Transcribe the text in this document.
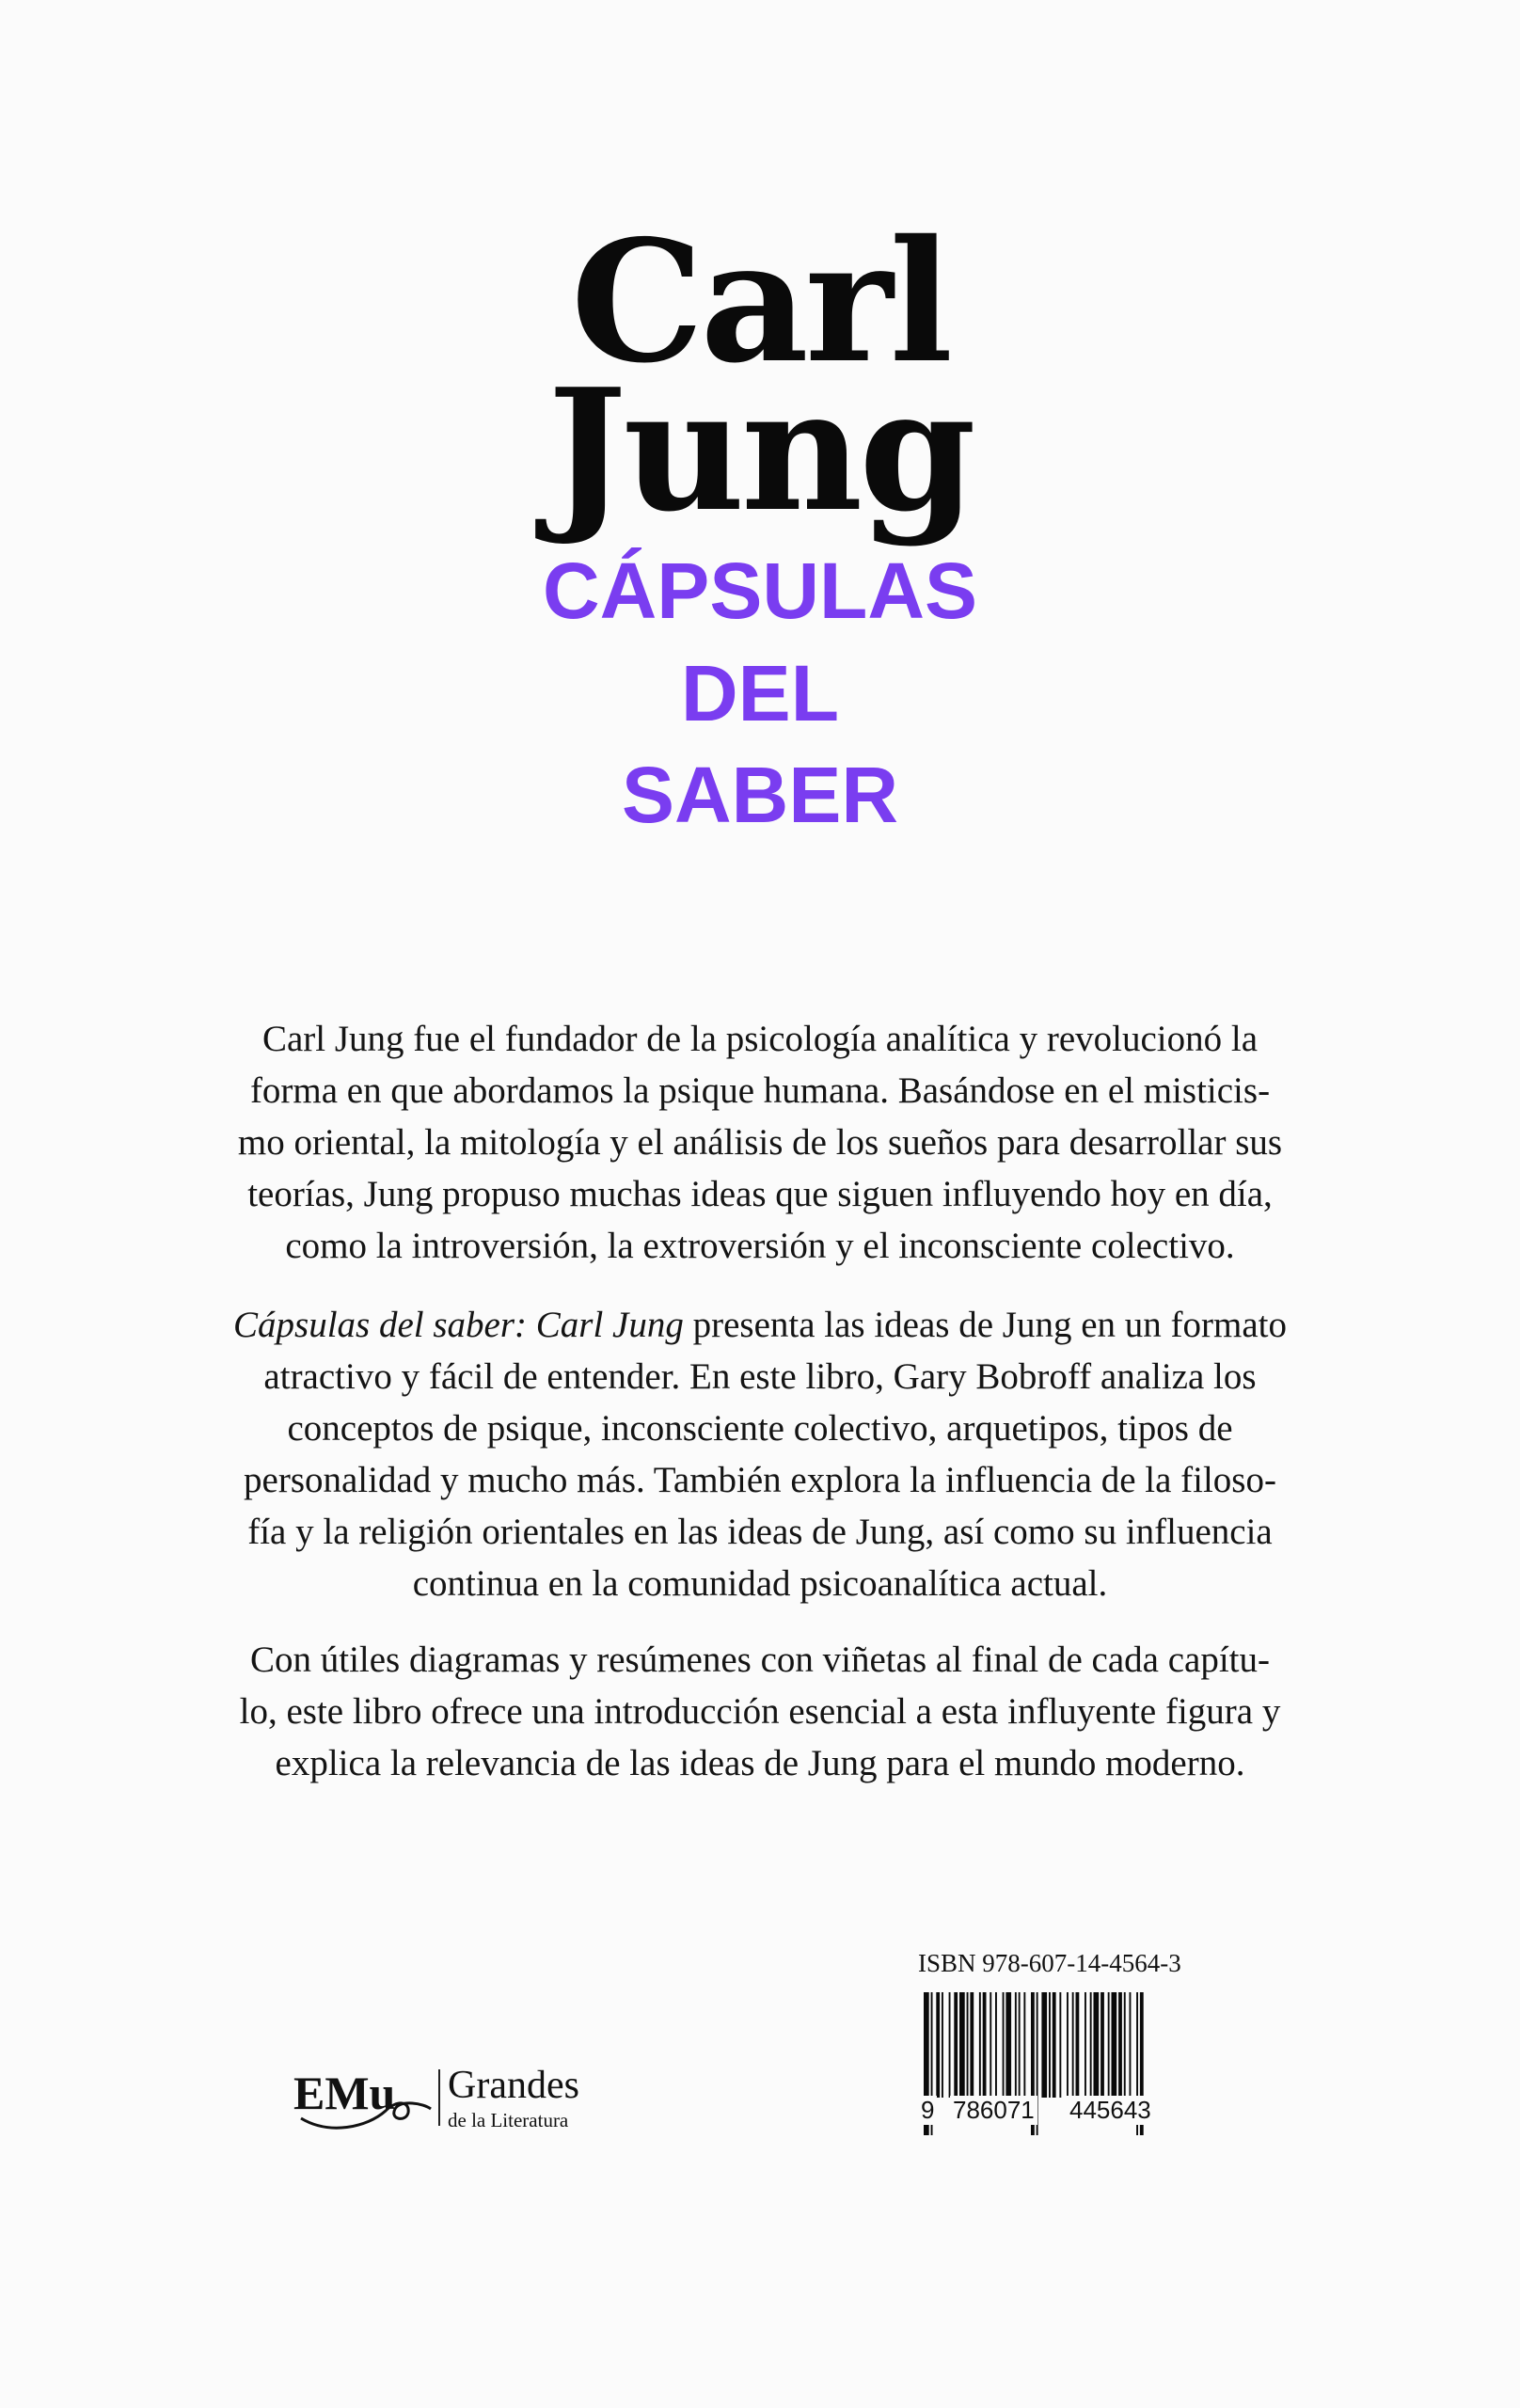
Carl
Jung
CÁPSULAS
DEL
SABER
Carl Jung fue el fundador de la psicología analítica y revolucionó la
forma en que abordamos la psique humana. Basándose en el misticis-
mo oriental, la mitología y el análisis de los sueños para desarrollar sus
teorías, Jung propuso muchas ideas que siguen influyendo hoy en día,
como la introversión, la extroversión y el inconsciente colectivo.
Cápsulas del saber: Carl Jung presenta las ideas de Jung en un formato
atractivo y fácil de entender. En este libro, Gary Bobroff analiza los
conceptos de psique, inconsciente colectivo, arquetipos, tipos de
personalidad y mucho más. También explora la influencia de la filoso-
fía y la religión orientales en las ideas de Jung, así como su influencia
continua en la comunidad psicoanalítica actual.
Con útiles diagramas y resúmenes con viñetas al final de cada capítu-
lo, este libro ofrece una introducción esencial a esta influyente figura y
explica la relevancia de las ideas de Jung para el mundo moderno.
EMu Grandes
de la Literatura
ISBN 978-607-14-4564-3
9 786071 445643
